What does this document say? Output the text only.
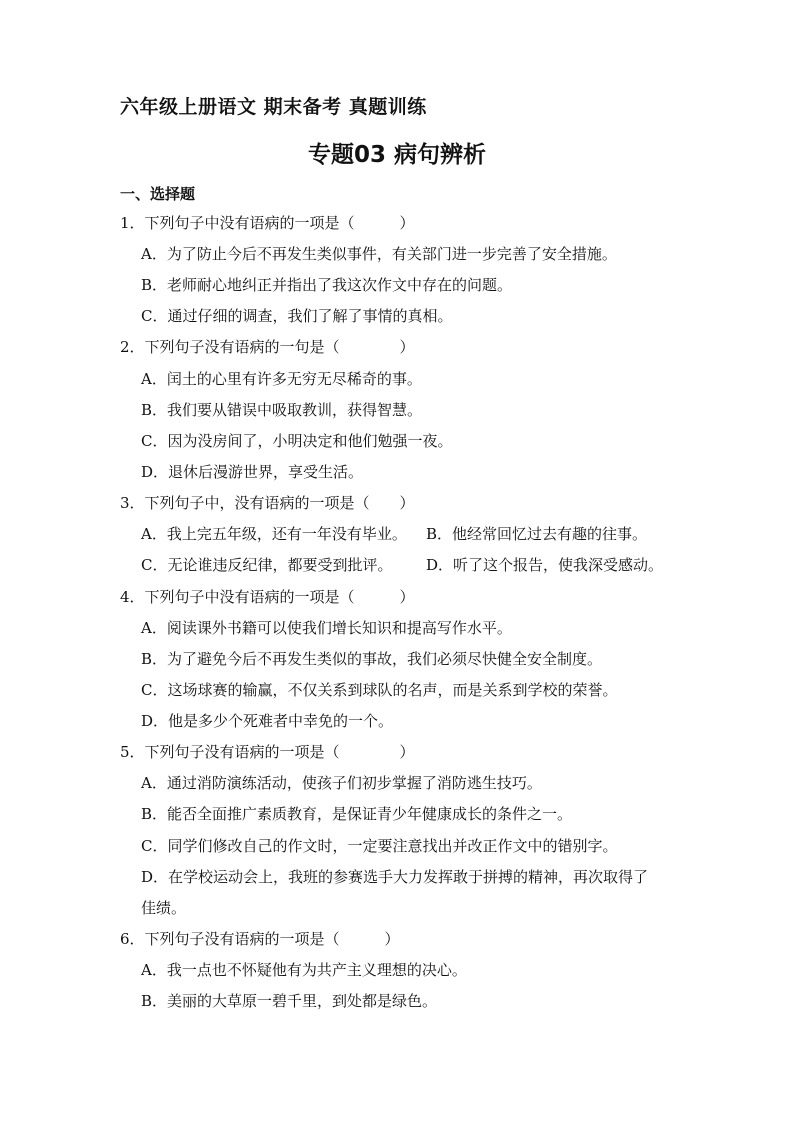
六年级上册语文 期末备考 真题训练
专题03 病句辨析
一、选择题
1．下列句子中没有语病的一项是（　　　）
A．为了防止今后不再发生类似事件，有关部门进一步完善了安全措施。
B．老师耐心地纠正并指出了我这次作文中存在的问题。
C．通过仔细的调查，我们了解了事情的真相。
2．下列句子没有语病的一句是（　　　　）
A．闰土的心里有许多无穷无尽稀奇的事。
B．我们要从错误中吸取教训，获得智慧。
C．因为没房间了，小明决定和他们勉强一夜。
D．退休后漫游世界，享受生活。
3．下列句子中，没有语病的一项是（　　）
A．我上完五年级，还有一年没有毕业。 B．他经常回忆过去有趣的往事。
C．无论谁违反纪律，都要受到批评。 D．听了这个报告，使我深受感动。
4．下列句子中没有语病的一项是（　　　）
A．阅读课外书籍可以使我们增长知识和提高写作水平。
B．为了避免今后不再发生类似的事故，我们必须尽快健全安全制度。
C．这场球赛的输赢，不仅关系到球队的名声，而是关系到学校的荣誉。
D．他是多少个死难者中幸免的一个。
5．下列句子没有语病的一项是（　　　　）
A．通过消防演练活动，使孩子们初步掌握了消防逃生技巧。
B．能否全面推广素质教育，是保证青少年健康成长的条件之一。
C．同学们修改自己的作文时，一定要注意找出并改正作文中的错别字。
D．在学校运动会上，我班的参赛选手大力发挥敢于拼搏的精神，再次取得了
佳绩。
6．下列句子没有语病的一项是（　　　）
A．我一点也不怀疑他有为共产主义理想的决心。
B．美丽的大草原一碧千里，到处都是绿色。
